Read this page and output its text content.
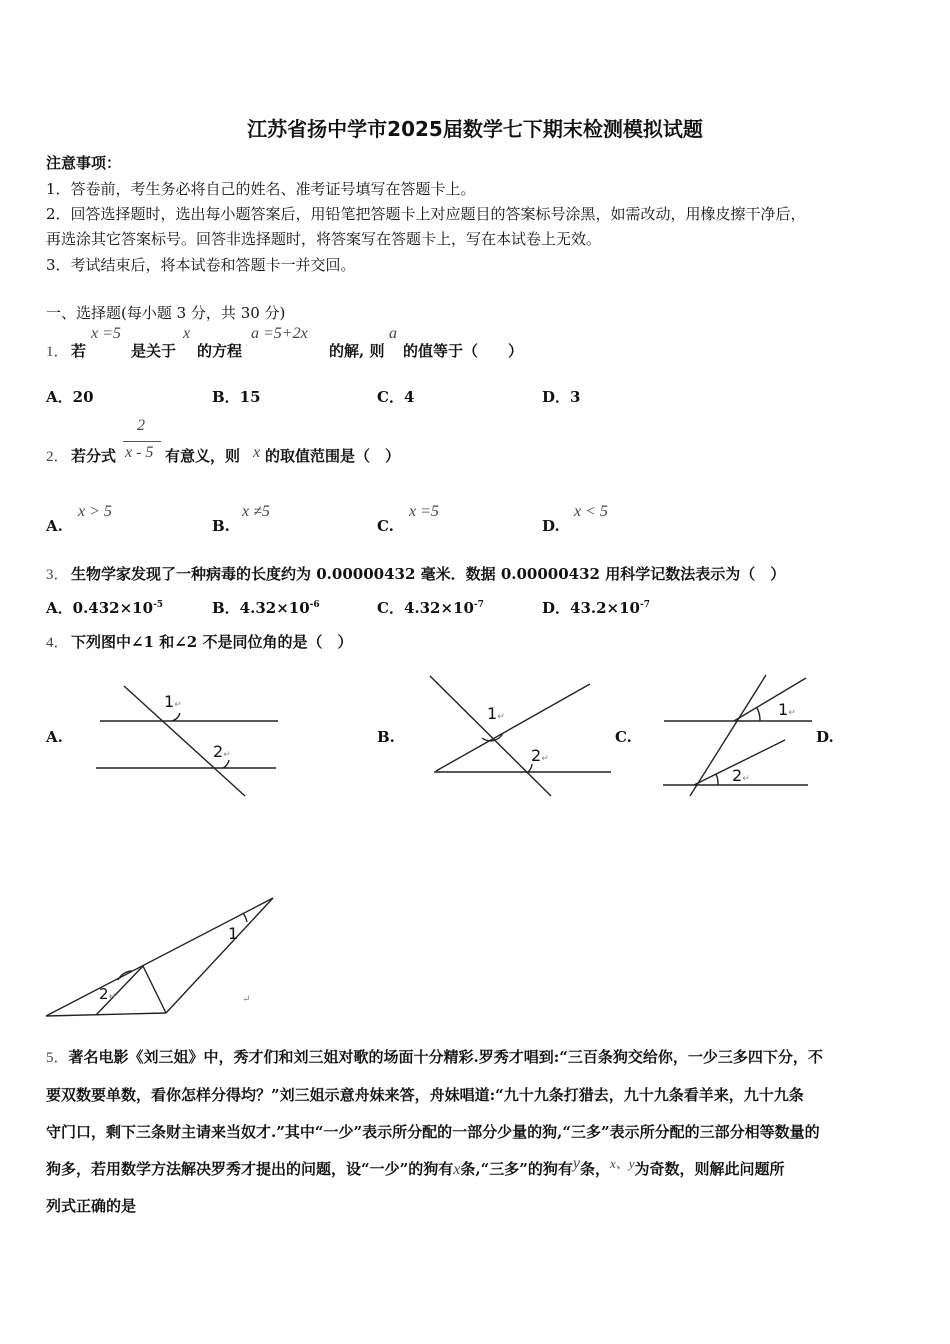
江苏省扬中学市2025届数学七下期末检测模拟试题
注意事项：
1．答卷前，考生务必将自己的姓名、准考证号填写在答题卡上。
2．回答选择题时，选出每小题答案后，用铅笔把答题卡上对应题目的答案标号涂黑，如需改动，用橡皮擦干净后，
再选涂其它答案标号。回答非选择题时，将答案写在答题卡上，写在本试卷上无效。
3．考试结束后，将本试卷和答题卡一并交回。
一、选择题(每小题 3 分，共 30 分)
1． 若
x =5
是关于
x
的方程
a =5+2x
的解, 则
a
的值等于（　　）
A．20	B．15	C．4	D．3
2． 若分式
2
x - 5 有意义，则 x 的取值范围是（　）
A.
x > 5
B.
x ≠5
C.
x =5
D.
x < 5
3． 生物学家发现了一种病毒的长度约为 0.00000432 毫米．数据 0.00000432 用科学记数法表示为（　）
A．$0.432\times 10^{-5}$	B．$4.32\times 10^{-6}$	C．$4.32\times 10^{-7}$	D．$43.2\times 10^{-7}$
4． 下列图中∠1 和∠2 不是同位角的是（　）
A.	B.	C.	D.
1↵
2↵
1↵
2↵
1↵
2↵
1
2↵	↵
5．著名电影《刘三姐》中，秀才们和刘三姐对歌的场面十分精彩.罗秀才唱到:“三百条狗交给你，一少三多四下分，不
要双数要单数，看你怎样分得均？”刘三姐示意舟妹来答，舟妹唱道:“九十九条打猎去，九十九条看羊来，九十九条
守门口，剩下三条财主请来当奴才.”其中“一少”表示所分配的一部分少量的狗,“三多”表示所分配的三部分相等数量的
狗多，若用数学方法解决罗秀才提出的问题，设“一少”的狗有x条,“三多”的狗有y条，x、y为奇数，则解此问题所
列式正确的是
